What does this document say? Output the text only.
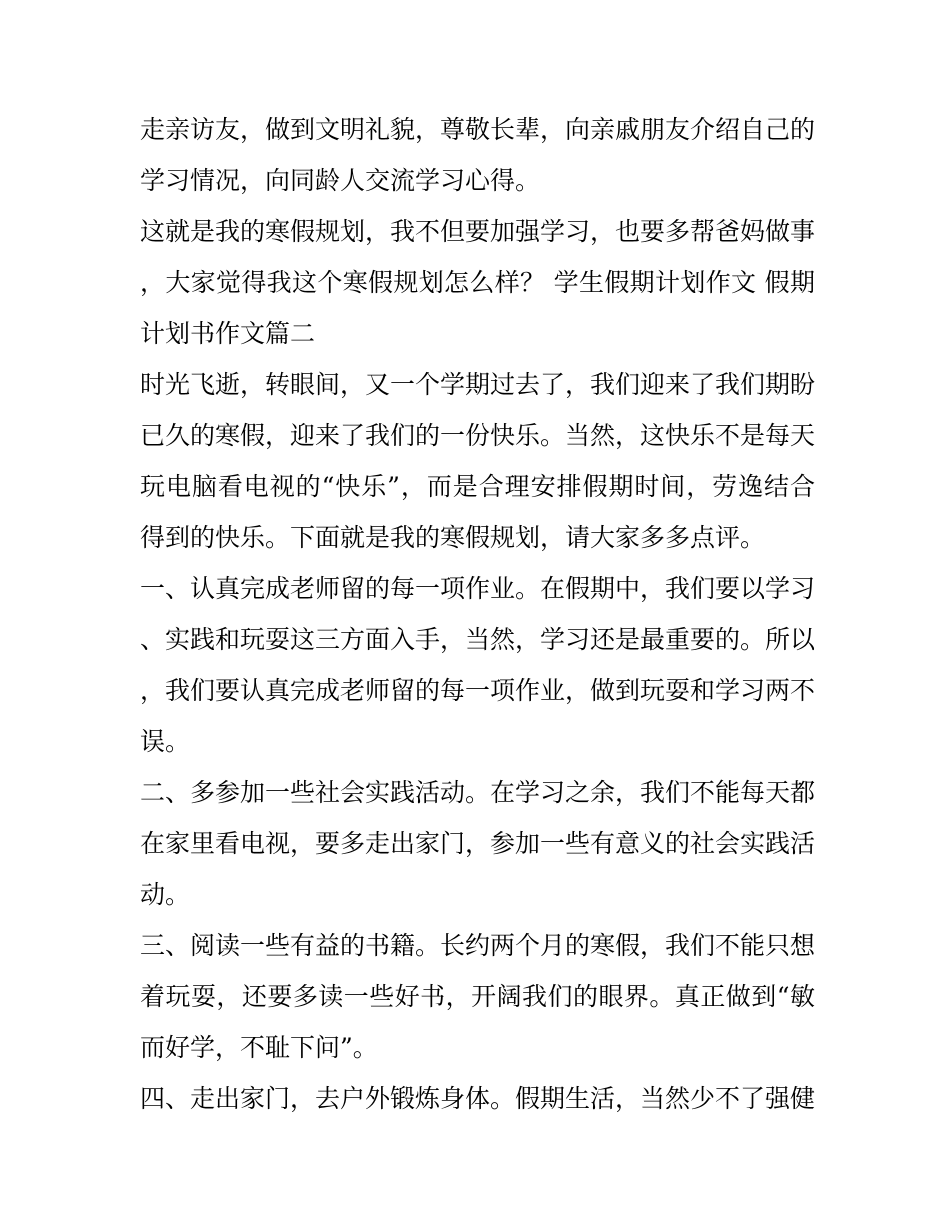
走亲访友，做到文明礼貌，尊敬长辈，向亲戚朋友介绍自己的学习情况，向同龄人交流学习心得。

这就是我的寒假规划，我不但要加强学习，也要多帮爸妈做事，大家觉得我这个寒假规划怎么样？ 学生假期计划作文 假期计划书作文篇二

时光飞逝，转眼间，又一个学期过去了，我们迎来了我们期盼已久的寒假，迎来了我们的一份快乐。当然，这快乐不是每天玩电脑看电视的“快乐”，而是合理安排假期时间，劳逸结合得到的快乐。下面就是我的寒假规划，请大家多多点评。

一、认真完成老师留的每一项作业。在假期中，我们要以学习、实践和玩耍这三方面入手，当然，学习还是最重要的。所以，我们要认真完成老师留的每一项作业，做到玩耍和学习两不误。

二、多参加一些社会实践活动。在学习之余，我们不能每天都在家里看电视，要多走出家门，参加一些有意义的社会实践活动。

三、阅读一些有益的书籍。长约两个月的寒假，我们不能只想着玩耍，还要多读一些好书，开阔我们的眼界。真正做到“敏而好学，不耻下问”。

四、走出家门，去户外锻炼身体。假期生活，当然少不了强健
